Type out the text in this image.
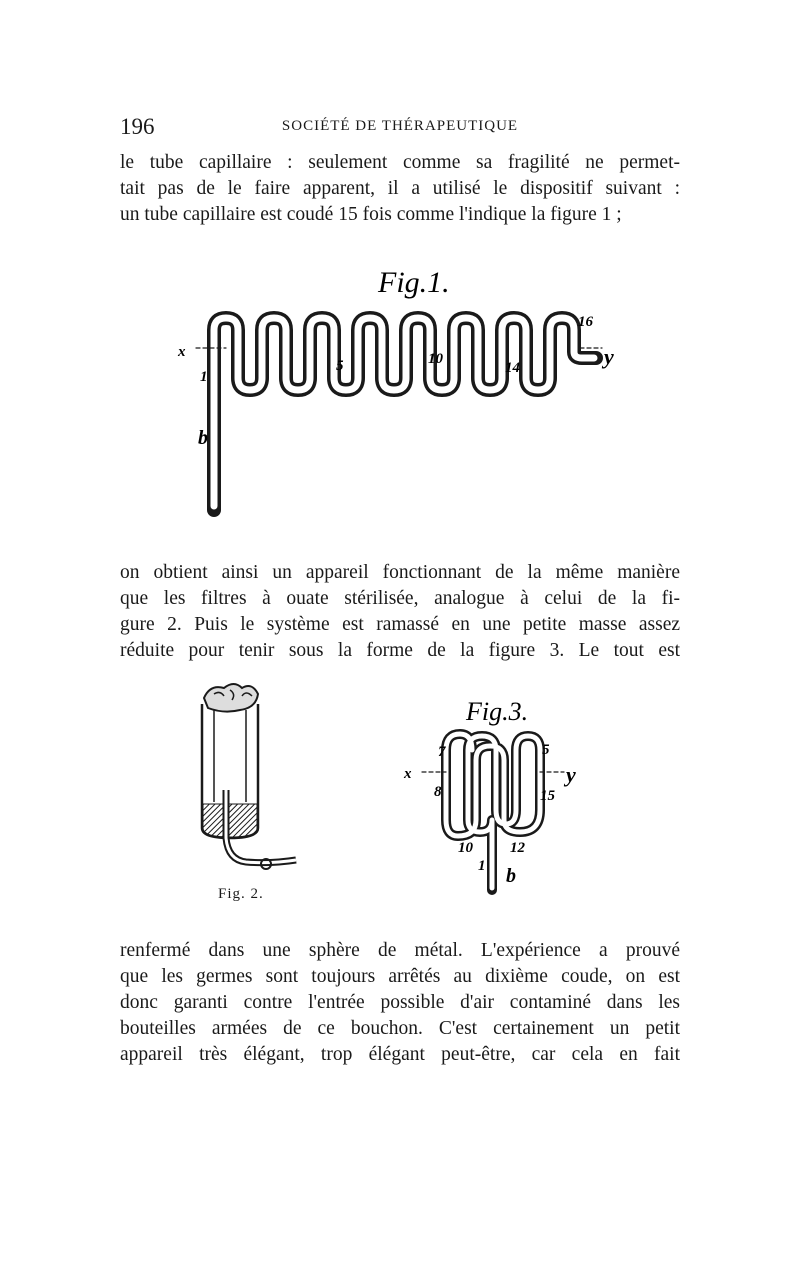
196	SOCIÉTÉ DE THÉRAPEUTIQUE
le tube capillaire : seulement comme sa fragilité ne permet-
tait pas de le faire apparent, il a utilisé le dispositif suivant :
un tube capillaire est coudé 15 fois comme l'indique la figure 1 ;
Fig.1.
x
1
b
5	10
14
16
y
on obtient ainsi un appareil fonctionnant de la même manière
que les filtres à ouate stérilisée, analogue à celui de la fi-
gure 2. Puis le système est ramassé en une petite masse assez
réduite pour tenir sous la forme de la figure 3. Le tout est
Fig. 2.
Fig.3.
x	y
7	5
8	15
10 12
1 b
renfermé dans une sphère de métal. L'expérience a prouvé
que les germes sont toujours arrêtés au dixième coude, on est
donc garanti contre l'entrée possible d'air contaminé dans les
bouteilles armées de ce bouchon. C'est certainement un petit
appareil très élégant, trop élégant peut-être, car cela en fait
